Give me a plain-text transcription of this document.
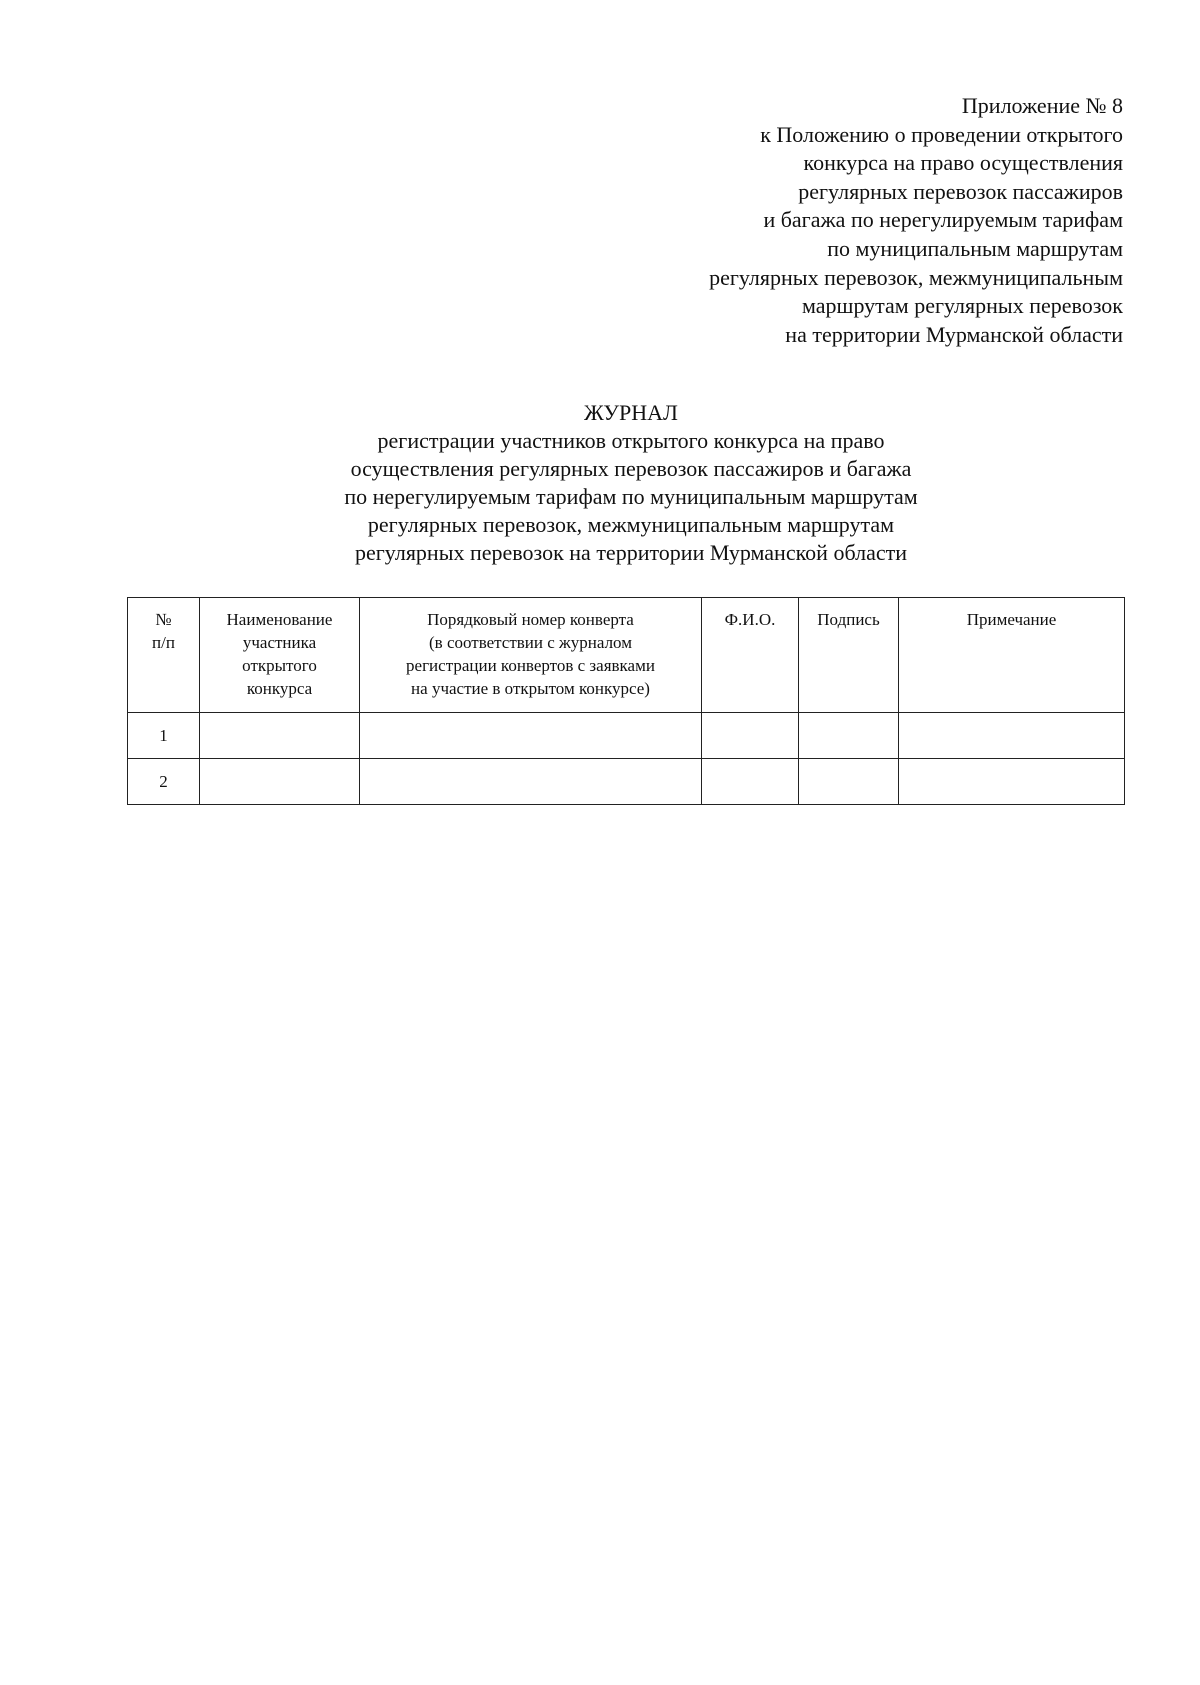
Приложение № 8
к Положению о проведении открытого
конкурса на право осуществления
регулярных перевозок пассажиров
и багажа по нерегулируемым тарифам
по муниципальным маршрутам
регулярных перевозок, межмуниципальным
маршрутам регулярных перевозок
на территории Мурманской области
ЖУРНАЛ
регистрации участников открытого конкурса на право
осуществления регулярных перевозок пассажиров и багажа
по нерегулируемым тарифам по муниципальным маршрутам
регулярных перевозок, межмуниципальным маршрутам
регулярных перевозок на территории Мурманской области
№
п/п	Наименование
участника
открытого
конкурса	Порядковый номер конверта
(в соответствии с журналом
регистрации конвертов с заявками
на участие в открытом конкурсе)	Ф.И.О.	Подпись	Примечание

1					
2					
